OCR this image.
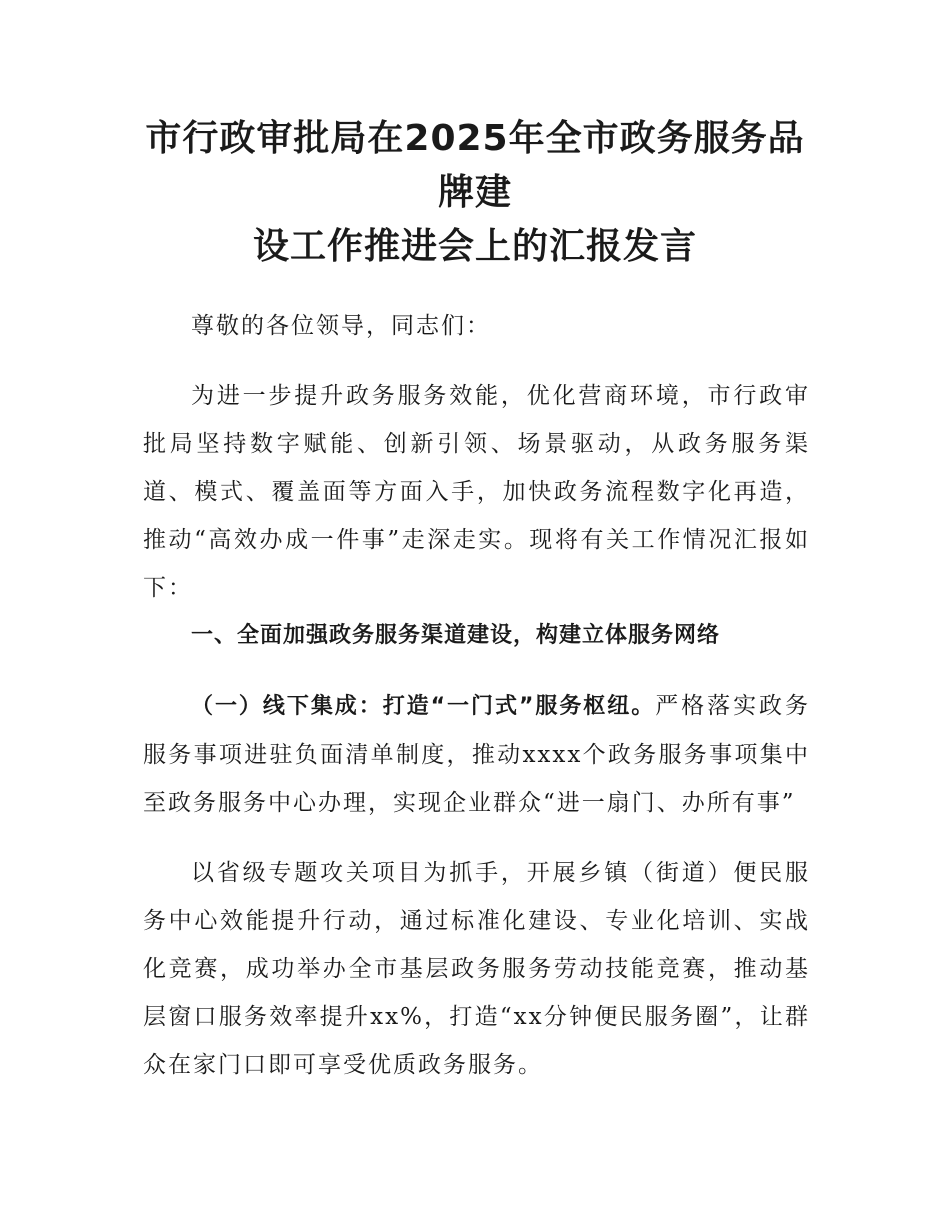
市行政审批局在2025年全市政务服务品牌建
设工作推进会上的汇报发言

尊敬的各位领导，同志们：

为进一步提升政务服务效能，优化营商环境，市行政审批局坚持数字赋能、创新引领、场景驱动，从政务服务渠道、模式、覆盖面等方面入手，加快政务流程数字化再造，推动“高效办成一件事”走深走实。现将有关工作情况汇报如下：

一、全面加强政务服务渠道建设，构建立体服务网络

（一）线下集成：打造“一门式”服务枢纽。严格落实政务服务事项进驻负面清单制度，推动xxxx个政务服务事项集中至政务服务中心办理，实现企业群众“进一扇门、办所有事”

以省级专题攻关项目为抓手，开展乡镇（街道）便民服务中心效能提升行动，通过标准化建设、专业化培训、实战化竞赛，成功举办全市基层政务服务劳动技能竞赛，推动基层窗口服务效率提升xx%，打造“xx分钟便民服务圈”，让群众在家门口即可享受优质政务服务。
